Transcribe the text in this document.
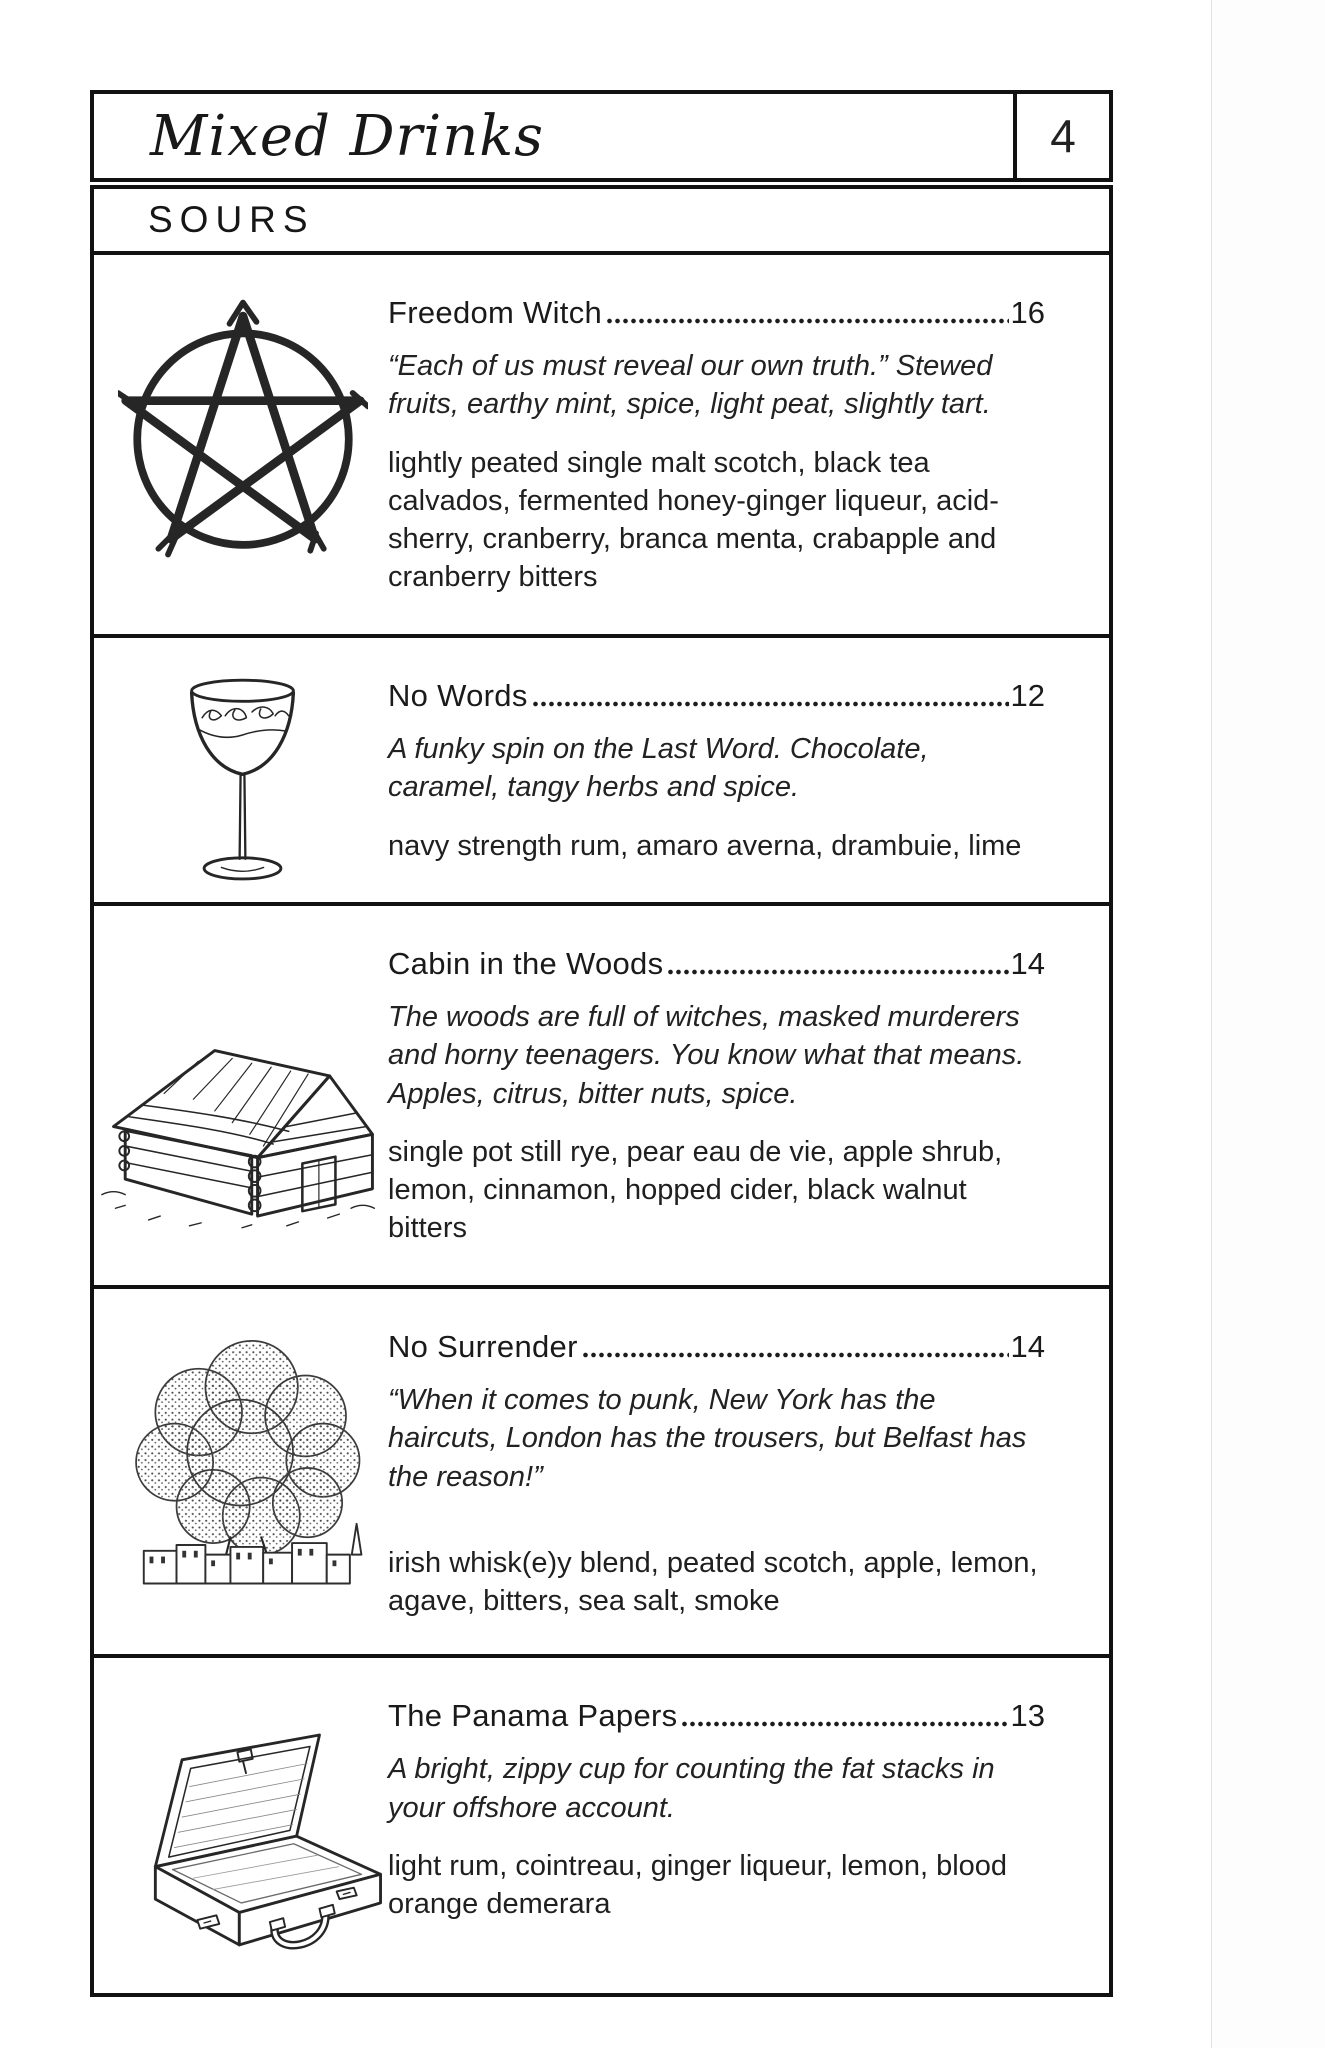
Mixed Drinks	4
SOURS
Freedom Witch	16
“Each of us must reveal our own truth.” Stewed fruits, earthy mint, spice, light peat, slightly tart.
lightly peated single malt scotch, black tea calvados, fermented honey-ginger liqueur, acid-sherry, cranberry, branca menta, crabapple and cranberry bitters
No Words	12
A funky spin on the Last Word. Chocolate, caramel, tangy herbs and spice.
navy strength rum, amaro averna, drambuie, lime
Cabin in the Woods	14
The woods are full of witches, masked murderers and horny teenagers. You know what that means. Apples, citrus, bitter nuts, spice.
single pot still rye, pear eau de vie, apple shrub, lemon, cinnamon, hopped cider, black walnut bitters
No Surrender	14
“When it comes to punk, New York has the haircuts, London has the trousers, but Belfast has the reason!”
irish whisk(e)y blend, peated scotch, apple, lemon, agave, bitters, sea salt, smoke
The Panama Papers	13
A bright, zippy cup for counting the fat stacks in your offshore account.
light rum, cointreau, ginger liqueur, lemon, blood orange demerara
